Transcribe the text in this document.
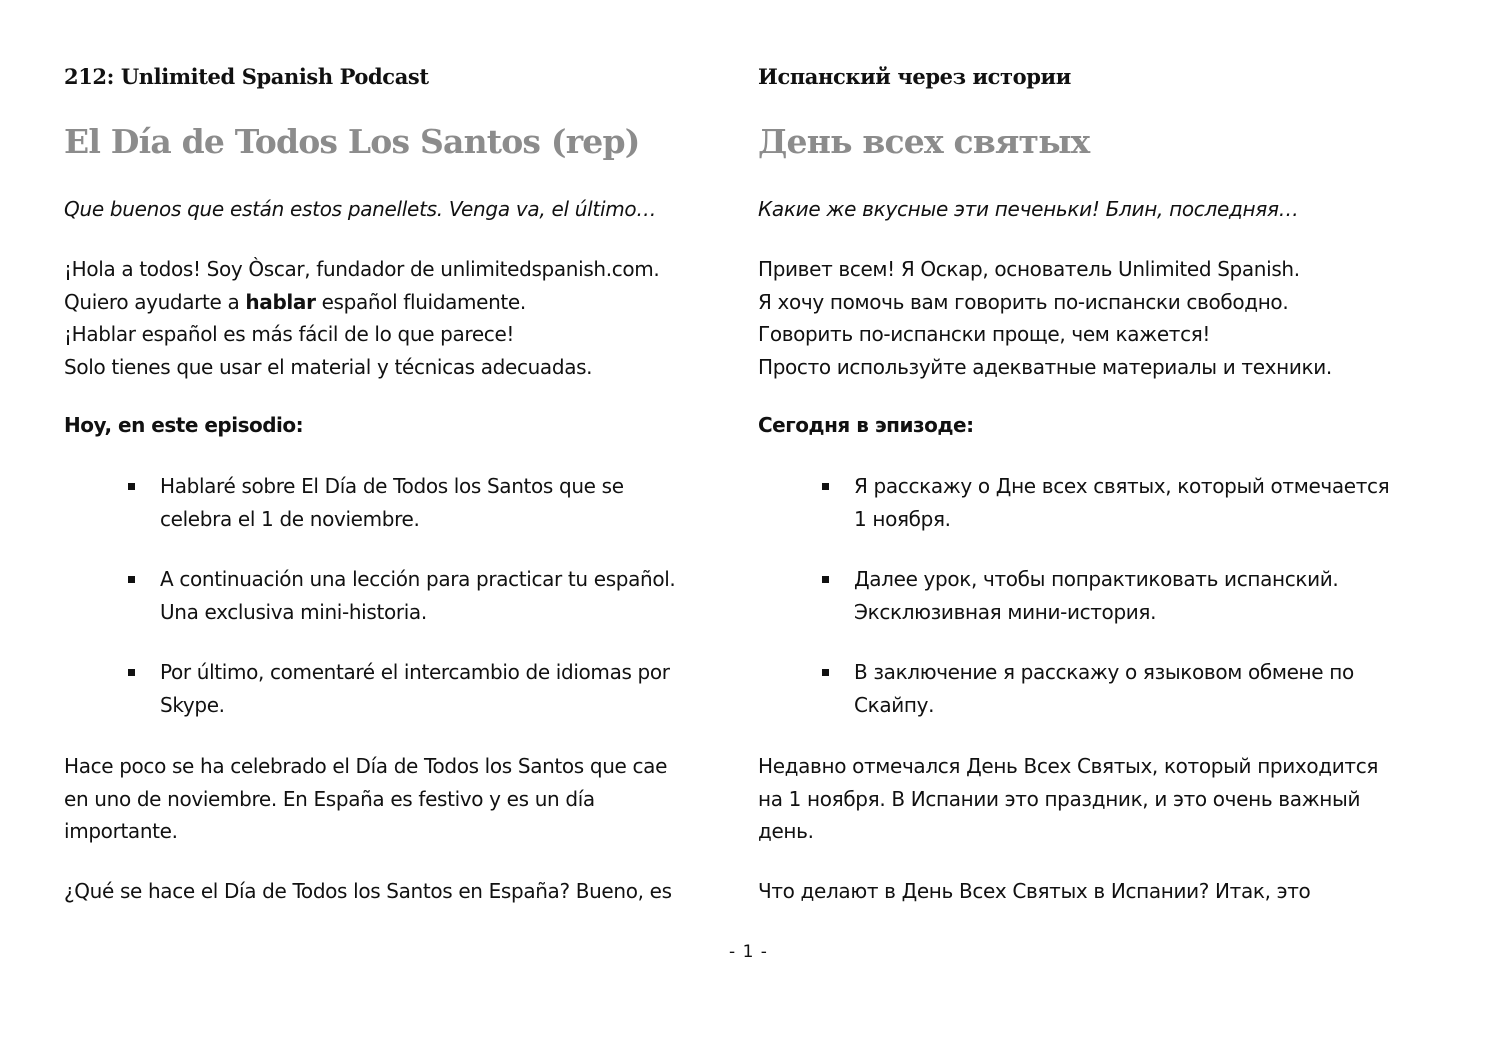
212: Unlimited Spanish Podcast
El Día de Todos Los Santos (rep)
Que buenos que están estos panellets. Venga va, el último…
¡Hola a todos! Soy Òscar, fundador de unlimitedspanish.com.
Quiero ayudarte a hablar español fluidamente.
¡Hablar español es más fácil de lo que parece!
Solo tienes que usar el material y técnicas adecuadas.
Hoy, en este episodio:
Hablaré sobre El Día de Todos los Santos que se
celebra el 1 de noviembre.
A continuación una lección para practicar tu español.
Una exclusiva mini-historia.
Por último, comentaré el intercambio de idiomas por
Skype.
Hace poco se ha celebrado el Día de Todos los Santos que cae
en uno de noviembre. En España es festivo y es un día
importante.
¿Qué se hace el Día de Todos los Santos en España? Bueno, es
Испанский через истории
День всех святых
Какие же вкусные эти печеньки! Блин, последняя…
Привет всем! Я Оскар, основатель Unlimited Spanish.
Я хочу помочь вам говорить по-испански свободно.
Говорить по-испански проще, чем кажется!
Просто используйте адекватные материалы и техники.
Сегодня в эпизоде:
Я расскажу о Дне всех святых, который отмечается
1 ноября.
Далее урок, чтобы попрактиковать испанский.
Эксклюзивная мини-история.
В заключение я расскажу о языковом обмене по
Скайпу.
Недавно отмечался День Всех Святых, который приходится
на 1 ноября. В Испании это праздник, и это очень важный
день.
Что делают в День Всех Святых в Испании? Итак, это
- 1 -
